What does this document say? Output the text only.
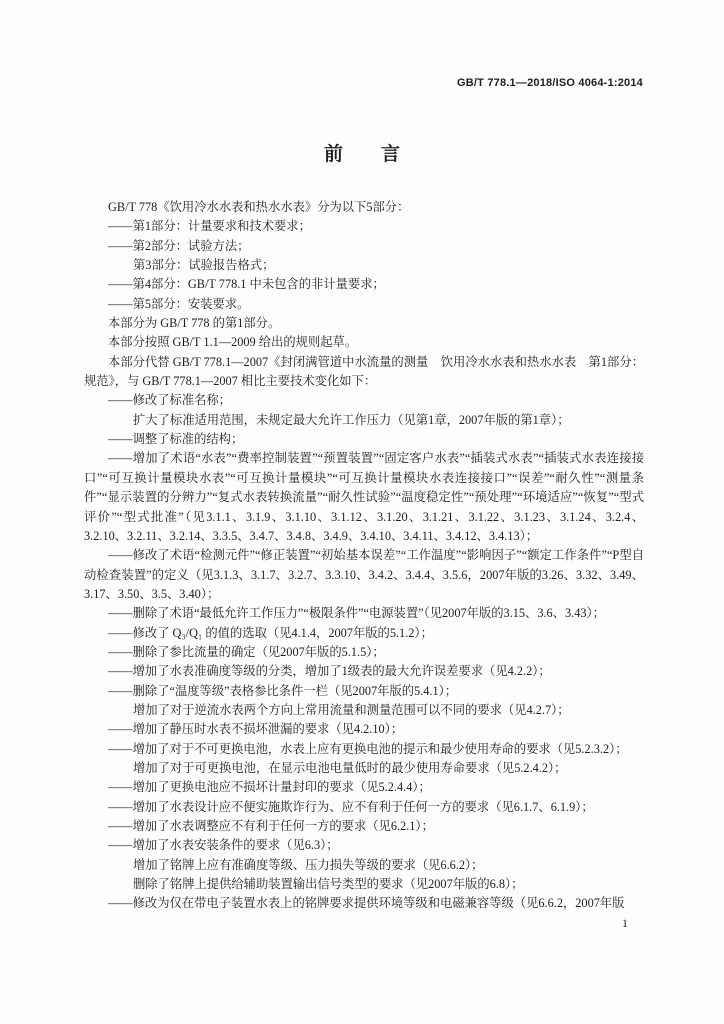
GB/T 778.1—2018/ISO 4064-1:2014
前言

GB/T 778《饮用冷水水表和热水水表》分为以下5部分：

——第1部分：计量要求和技术要求；

——第2部分：试验方法；

第3部分：试验报告格式；

——第4部分：GB/T 778.1 中未包含的非计量要求；

——第5部分：安装要求。

本部分为 GB/T 778 的第1部分。

本部分按照 GB/T 1.1—2009 给出的规则起草。

本部分代替 GB/T 778.1—2007《封闭满管道中水流量的测量　饮用冷水水表和热水水表　第1部分：规范》，与 GB/T 778.1—2007 相比主要技术变化如下：

——修改了标准名称；

扩大了标准适用范围，未规定最大允许工作压力（见第1章，2007年版的第1章）；

——调整了标准的结构；

——增加了术语“水表”“费率控制装置”“预置装置”“固定客户水表”“插装式水表”“插装式水表连接接口”“可互换计量模块水表”“可互换计量模块”“可互换计量模块水表连接接口”“误差”“耐久性”“测量条件”“显示装置的分辨力”“复式水表转换流量”“耐久性试验”“温度稳定性”“预处理”“环境适应”“恢复”“型式评价”“型式批准”（见3.1.1、3.1.9、3.1.10、3.1.12、3.1.20、3.1.21、3.1.22、3.1.23、3.1.24、3.2.4、3.2.10、3.2.11、3.2.14、3.3.5、3.4.7、3.4.8、3.4.9、3.4.10、3.4.11、3.4.12、3.4.13）；

——修改了术语“检测元件”“修正装置”“初始基本误差”“工作温度”“影响因子”“额定工作条件”“P型自动检查装置”的定义（见3.1.3、3.1.7、3.2.7、3.3.10、3.4.2、3.4.4、3.5.6，2007年版的3.26、3.32、3.49、3.17、3.50、3.5、3.40）；

——删除了术语“最低允许工作压力”“极限条件”“电源装置”（见2007年版的3.15、3.6、3.43）；

——修改了 Q₃/Q₁ 的值的选取（见4.1.4，2007年版的5.1.2）；

——删除了参比流量的确定（见2007年版的5.1.5）；

——增加了水表准确度等级的分类，增加了1级表的最大允许误差要求（见4.2.2）；

——删除了“温度等级”表格参比条件一栏（见2007年版的5.4.1）；

增加了对于逆流水表两个方向上常用流量和测量范围可以不同的要求（见4.2.7）；

——增加了静压时水表不损坏泄漏的要求（见4.2.10）；

——增加了对于不可更换电池，水表上应有更换电池的提示和最少使用寿命的要求（见5.2.3.2）；

增加了对于可更换电池，在显示电池电量低时的最少使用寿命要求（见5.2.4.2）；

——增加了更换电池应不损坏计量封印的要求（见5.2.4.4）；

——增加了水表设计应不便实施欺诈行为、应不有利于任何一方的要求（见6.1.7、6.1.9）；

——增加了水表调整应不有利于任何一方的要求（见6.2.1）；

——增加了水表安装条件的要求（见6.3）；

增加了铭牌上应有准确度等级、压力损失等级的要求（见6.6.2）；

删除了铭牌上提供给辅助装置输出信号类型的要求（见2007年版的6.8）；

——修改为仅在带电子装置水表上的铭牌要求提供环境等级和电磁兼容等级（见6.6.2，2007年版

1
